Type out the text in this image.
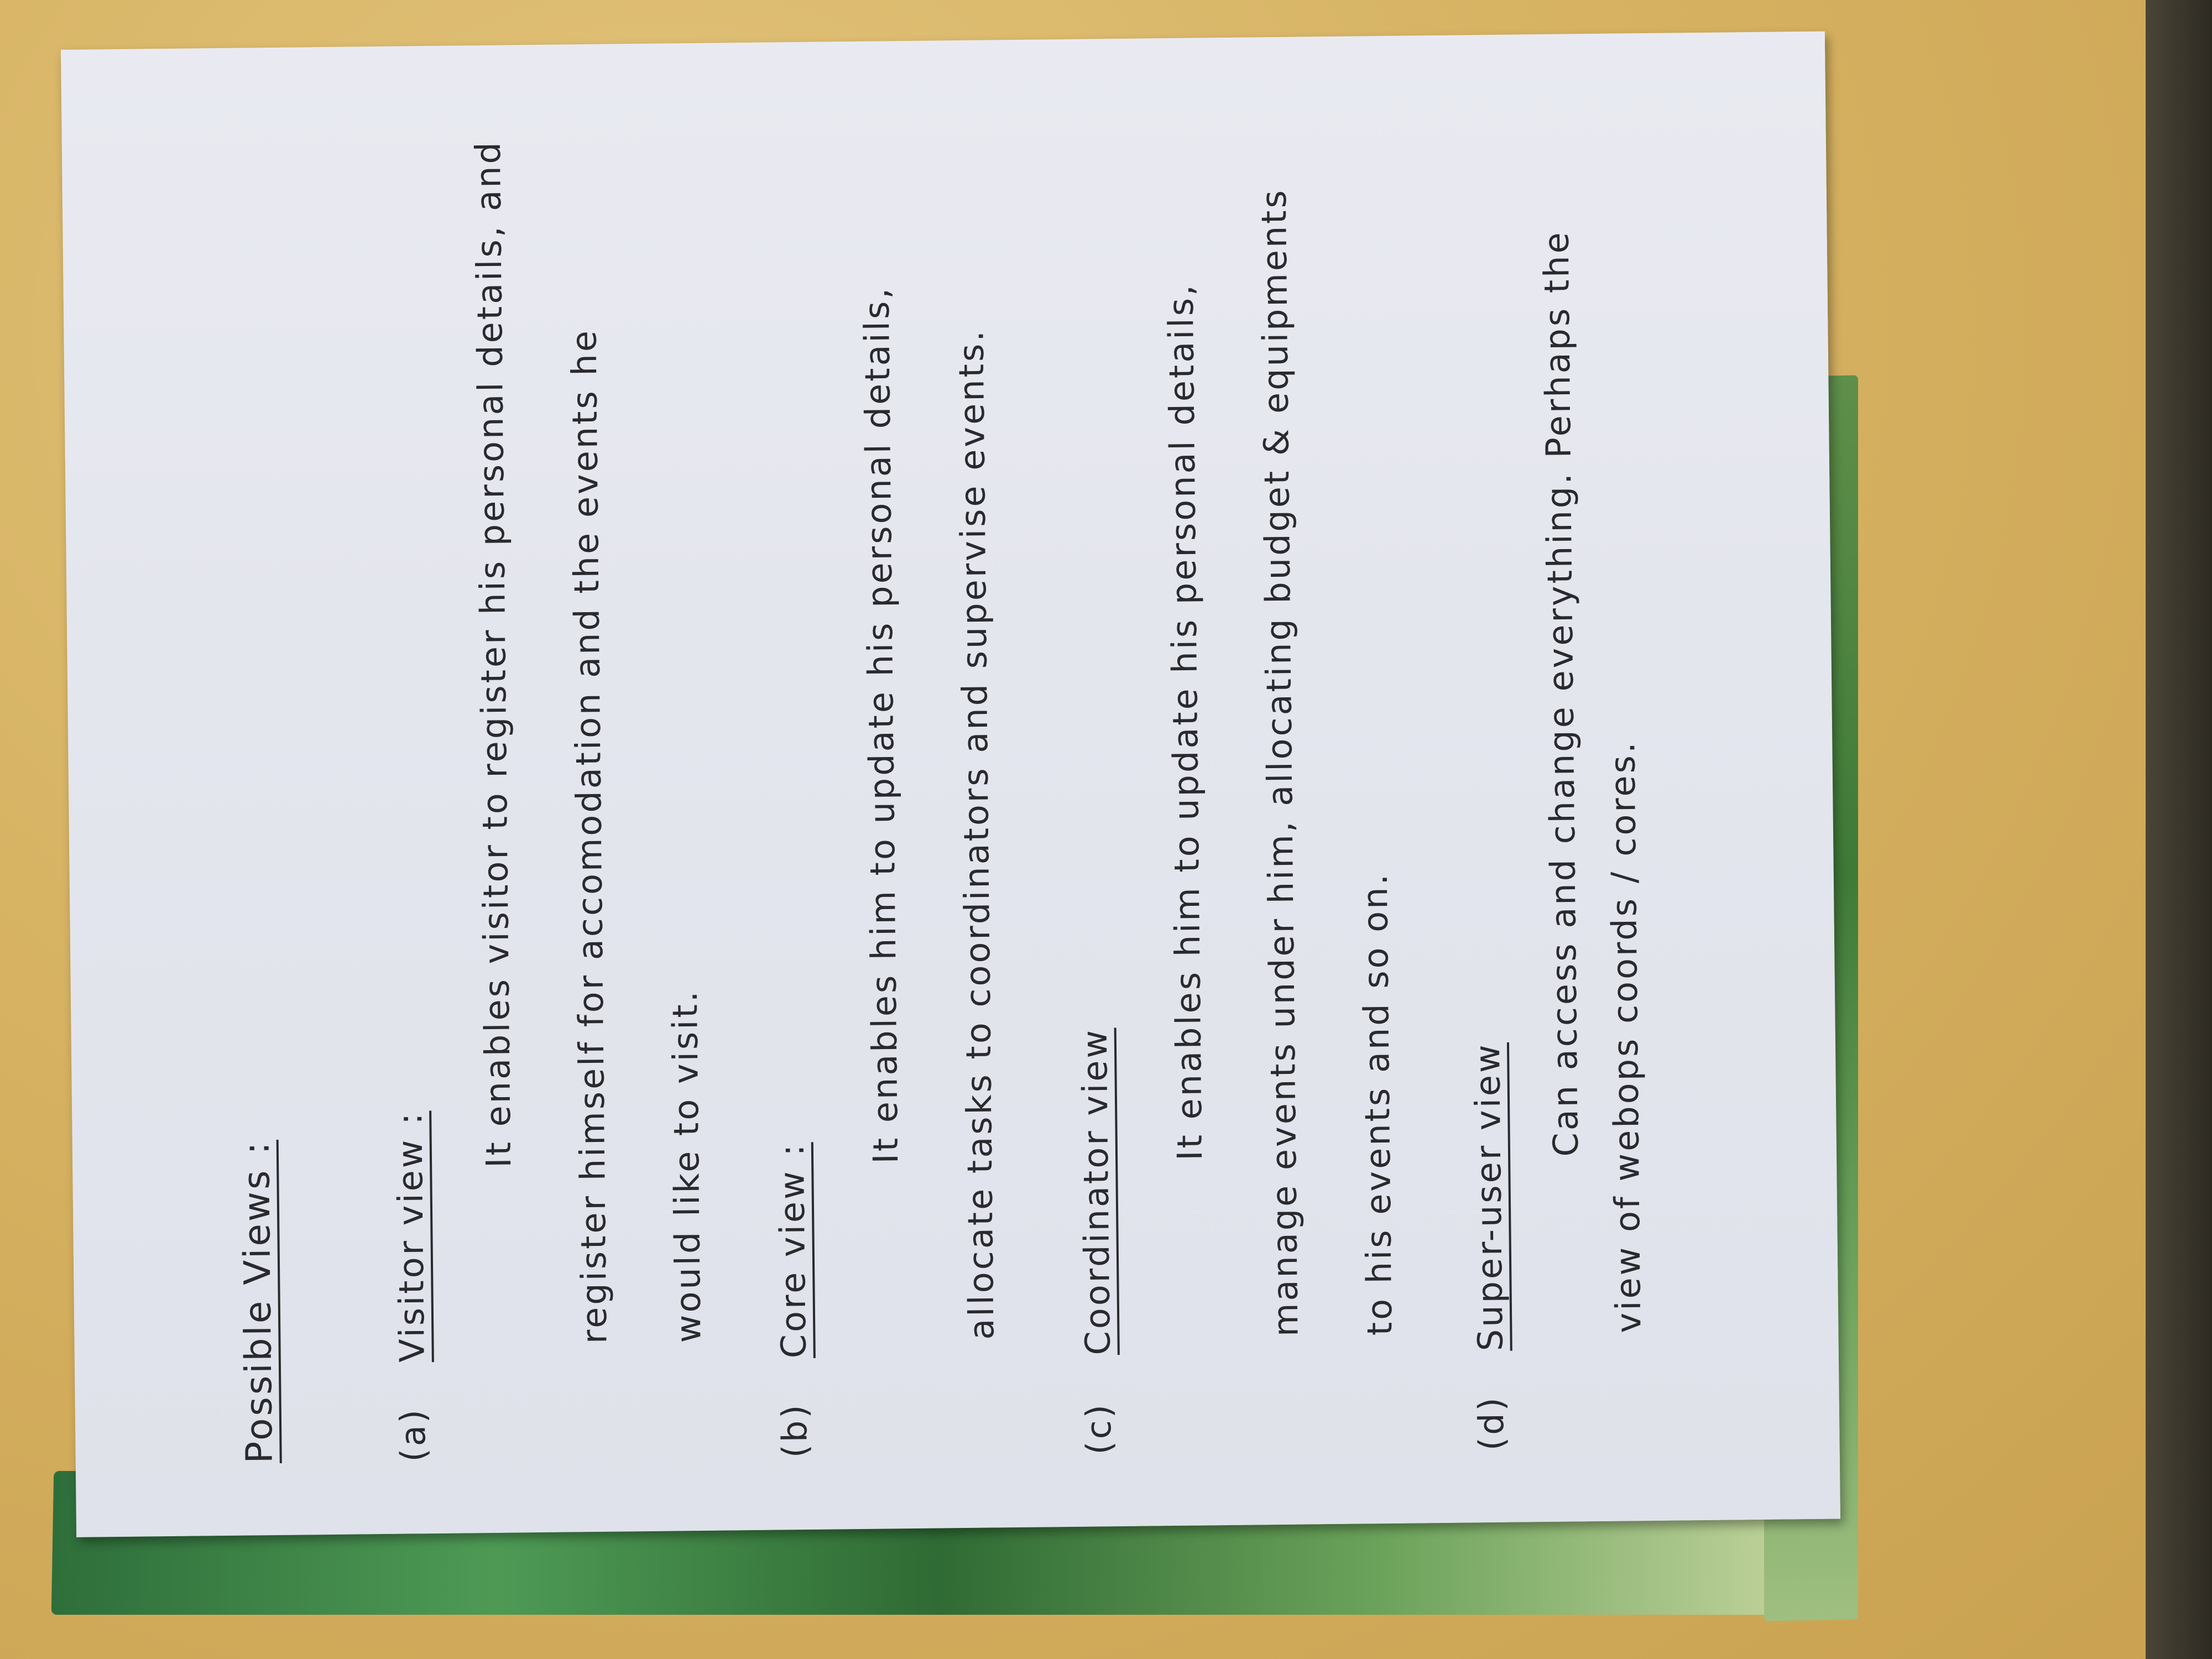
Possible Views :	(a)
Visitor view :
It enables visitor to register his personal details, and register himself for accomodation and the events he would like to visit.
(b)
Core view :
It enables him to update his personal details, allocate tasks to coordinators and supervise events.
(c)
Coordinator view
It enables him to update his personal details, manage events under him, allocating budget & equipments to his events and so on.
(d)
Super-user view
Can access and change everything. Perhaps the view of webops coords / cores.
